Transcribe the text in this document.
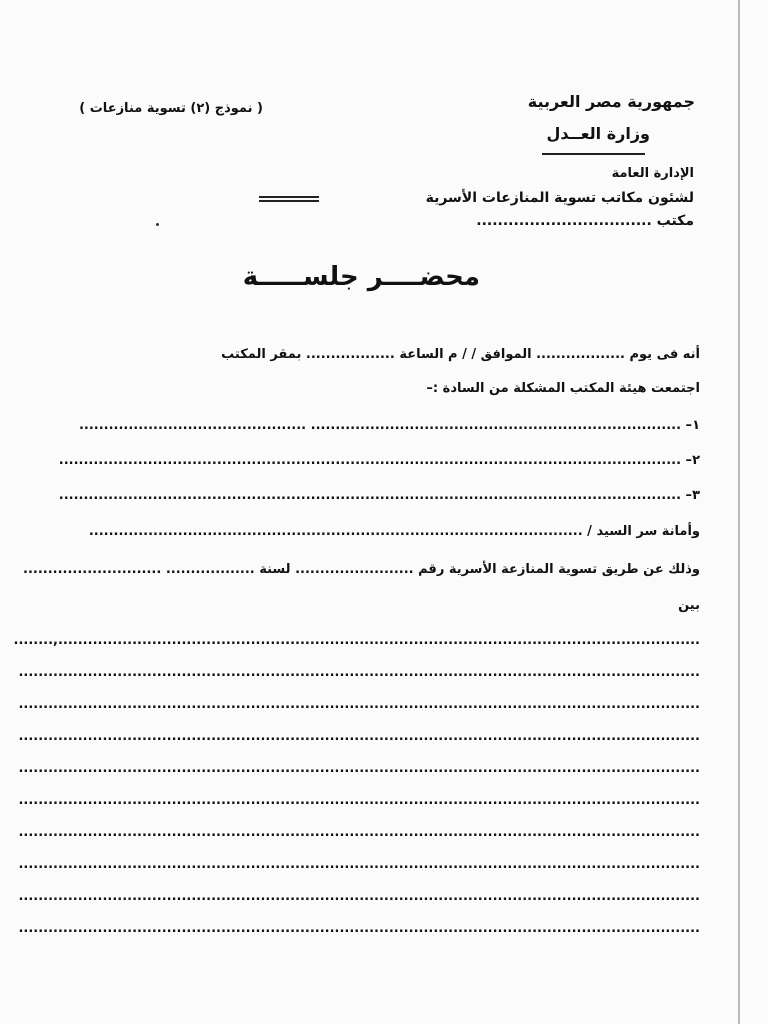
جمهورية مصر العربية
وزارة العــدل
( نموذج (٢) تسوية منازعات )
الإدارة العامة
لشئون مكاتب تسوية المنازعات الأسرية
مكتب .................................
محضــــر جلســـــة
أنه فى يوم .................. الموافق / / م الساعة .................. بمقر المكتب
اجتمعت هيئة المكتب المشكلة من السادة :–
١– ........................................................................... ..............................................
٢– ..............................................................................................................................
٣– ..............................................................................................................................
وأمانة سر السيد / ....................................................................................................
وذلك عن طريق تسوية المنازعة الأسرية رقم ........................ لسنة .................. ............................
بين
..................................................................................................................................,........
..........................................................................................................................................
..........................................................................................................................................
..........................................................................................................................................
..........................................................................................................................................
..........................................................................................................................................
..........................................................................................................................................
..........................................................................................................................................
..........................................................................................................................................
..........................................................................................................................................
